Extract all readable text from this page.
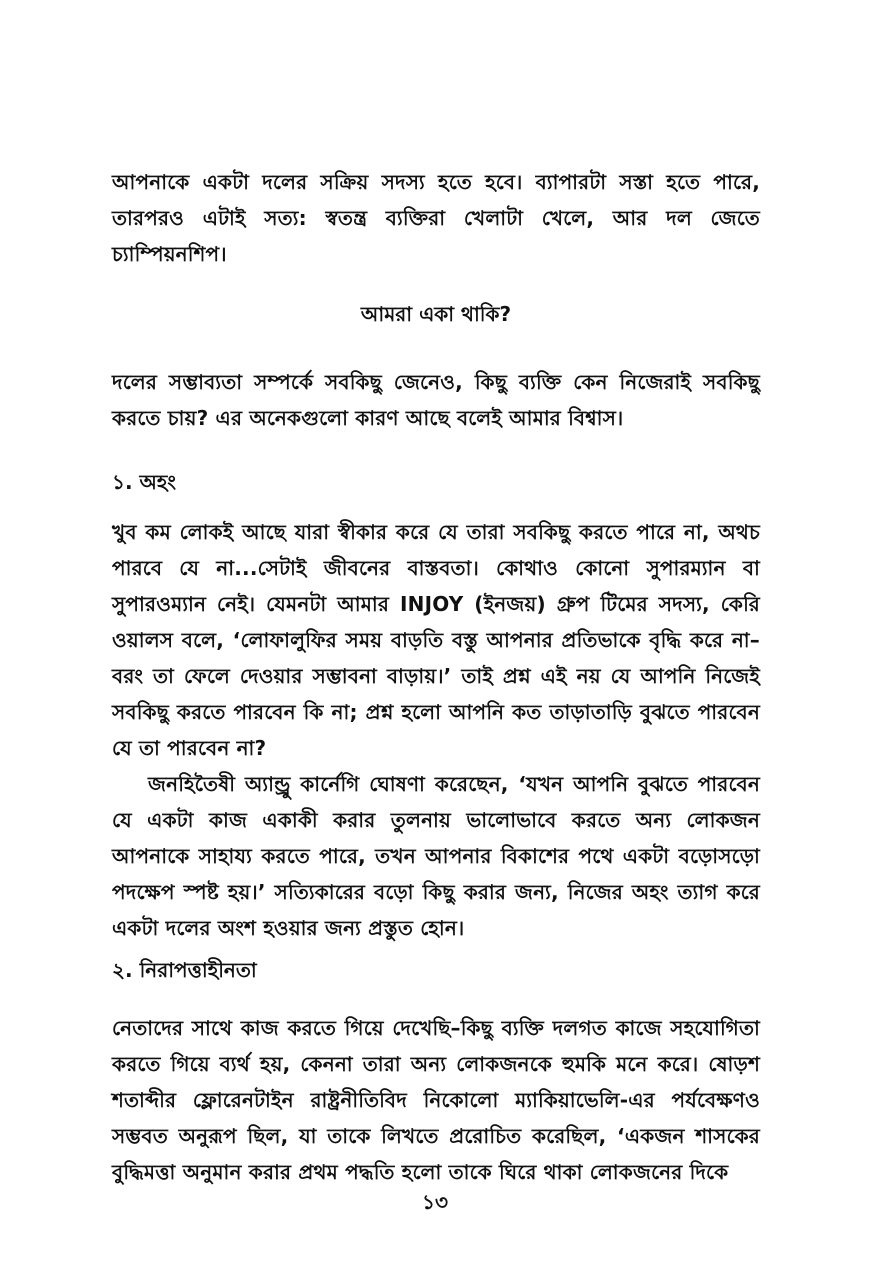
আপনাকে একটা দলের সক্রিয় সদস্য হতে হবে। ব্যাপারটা সস্তা হতে পারে, তারপরও এটাই সত্য: স্বতন্ত্র ব্যক্তিরা খেলাটা খেলে, আর দল জেতে চ্যাম্পিয়নশিপ।

আমরা একা থাকি?

দলের সম্ভাব্যতা সম্পর্কে সবকিছু জেনেও, কিছু ব্যক্তি কেন নিজেরাই সবকিছু করতে চায়? এর অনেকগুলো কারণ আছে বলেই আমার বিশ্বাস।

১. অহং

খুব কম লোকই আছে যারা স্বীকার করে যে তারা সবকিছু করতে পারে না, অথচ পারবে যে না...সেটাই জীবনের বাস্তবতা। কোথাও কোনো সুপারম্যান বা সুপারওম্যান নেই। যেমনটা আমার INJOY (ইনজয়) গ্রুপ টিমের সদস্য, কেরি ওয়ালস বলে, ‘লোফালুফির সময় বাড়তি বস্তু আপনার প্রতিভাকে বৃদ্ধি করে না–বরং তা ফেলে দেওয়ার সম্ভাবনা বাড়ায়।’ তাই প্রশ্ন এই নয় যে আপনি নিজেই সবকিছু করতে পারবেন কি না; প্রশ্ন হলো আপনি কত তাড়াতাড়ি বুঝতে পারবেন যে তা পারবেন না?

জনহিতৈষী অ্যান্ড্রু কার্নেগি ঘোষণা করেছেন, ‘যখন আপনি বুঝতে পারবেন যে একটা কাজ একাকী করার তুলনায় ভালোভাবে করতে অন্য লোকজন আপনাকে সাহায্য করতে পারে, তখন আপনার বিকাশের পথে একটা বড়োসড়ো পদক্ষেপ স্পষ্ট হয়।’ সত্যিকারের বড়ো কিছু করার জন্য, নিজের অহং ত্যাগ করে একটা দলের অংশ হওয়ার জন্য প্রস্তুত হোন।

২. নিরাপত্তাহীনতা

নেতাদের সাথে কাজ করতে গিয়ে দেখেছি–কিছু ব্যক্তি দলগত কাজে সহযোগিতা করতে গিয়ে ব্যর্থ হয়, কেননা তারা অন্য লোকজনকে হুমকি মনে করে। ষোড়শ শতাব্দীর ফ্লোরেনটাইন রাষ্ট্রনীতিবিদ নিকোলো ম্যাকিয়াভেলি-এর পর্যবেক্ষণও সম্ভবত অনুরূপ ছিল, যা তাকে লিখতে প্ররোচিত করেছিল, ‘একজন শাসকের বুদ্ধিমত্তা অনুমান করার প্রথম পদ্ধতি হলো তাকে ঘিরে থাকা লোকজনের দিকে

১৩
